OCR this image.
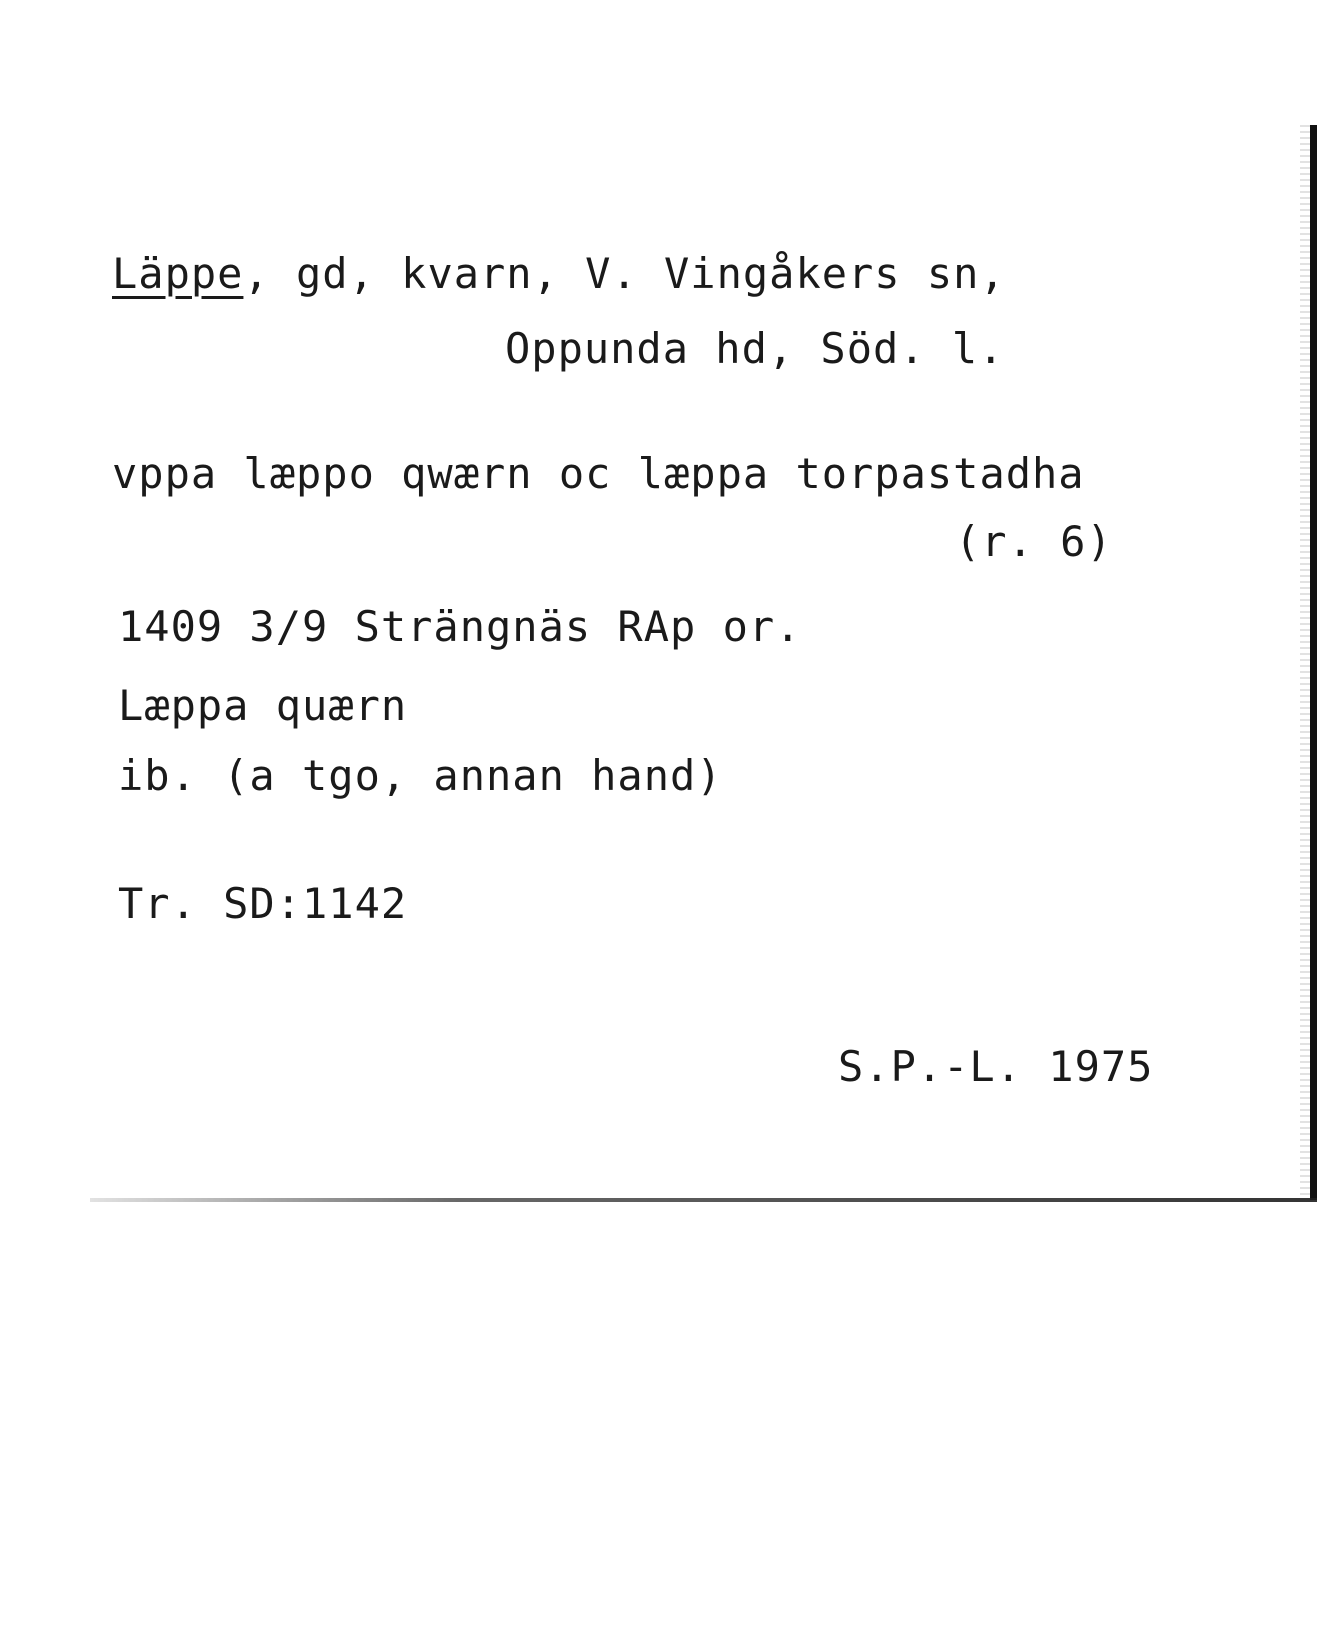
Läppe, gd, kvarn, V. Vingåkers sn,
Oppunda hd, Söd. l.
vppa læppo qwærn oc læppa torpastadha
(r. 6)
1409 3/9 Strängnäs RAp or.
Læppa quærn
ib. (a tgo, annan hand)
Tr. SD:1142
S.P.-L. 1975
